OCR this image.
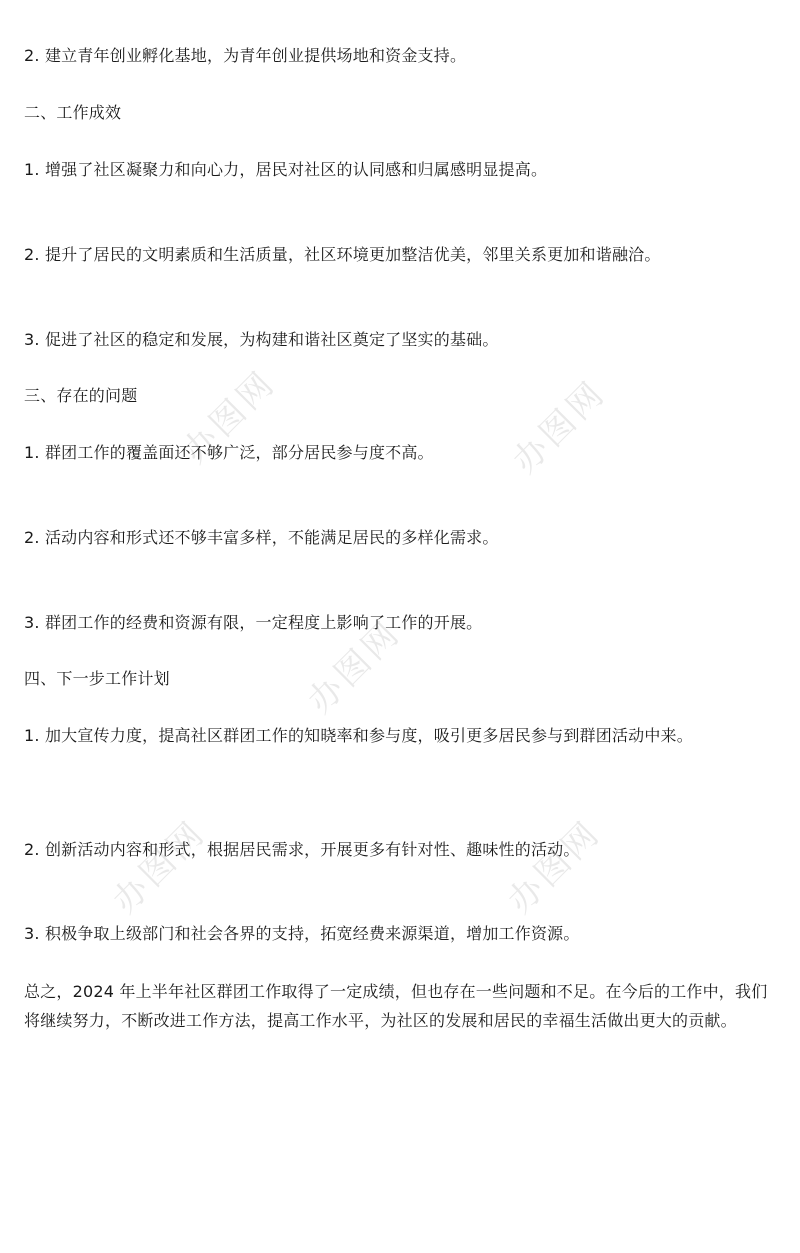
办图网	办图网
办图网
办图网	办图网
2. 建立青年创业孵化基地，为青年创业提供场地和资金支持。
二、工作成效
1. 增强了社区凝聚力和向心力，居民对社区的认同感和归属感明显提高。
2. 提升了居民的文明素质和生活质量，社区环境更加整洁优美，邻里关系更加和谐融洽。
3. 促进了社区的稳定和发展，为构建和谐社区奠定了坚实的基础。
三、存在的问题
1. 群团工作的覆盖面还不够广泛，部分居民参与度不高。
2. 活动内容和形式还不够丰富多样，不能满足居民的多样化需求。
3. 群团工作的经费和资源有限，一定程度上影响了工作的开展。
四、下一步工作计划
1. 加大宣传力度，提高社区群团工作的知晓率和参与度，吸引更多居民参与到群团活动中来。
2. 创新活动内容和形式，根据居民需求，开展更多有针对性、趣味性的活动。
3. 积极争取上级部门和社会各界的支持，拓宽经费来源渠道，增加工作资源。
总之，2024 年上半年社区群团工作取得了一定成绩，但也存在一些问题和不足。在今后的工作中，我们将继续努力，不断改进工作方法，提高工作水平，为社区的发展和居民的幸福生活做出更大的贡献。
